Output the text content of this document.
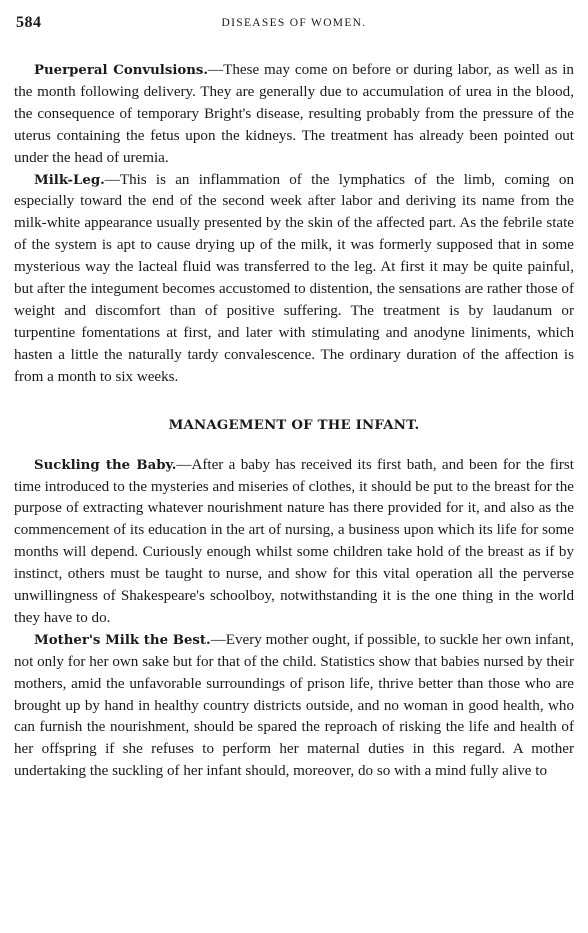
584	DISEASES OF WOMEN.

Puerperal Convulsions.—These may come on before or during labor, as well as in the month following delivery. They are generally due to accumulation of urea in the blood, the consequence of temporary Bright's disease, resulting probably from the pressure of the uterus containing the fetus upon the kidneys. The treatment has already been pointed out under the head of uremia.

Milk-Leg.—This is an inflammation of the lymphatics of the limb, coming on especially toward the end of the second week after labor and deriving its name from the milk-white appearance usually presented by the skin of the affected part. As the febrile state of the system is apt to cause drying up of the milk, it was formerly supposed that in some mysterious way the lacteal fluid was transferred to the leg. At first it may be quite painful, but after the integument becomes accustomed to distention, the sensations are rather those of weight and discomfort than of positive suffering. The treatment is by laudanum or turpentine fomentations at first, and later with stimulating and anodyne liniments, which hasten a little the naturally tardy convalescence. The ordinary duration of the affection is from a month to six weeks.

MANAGEMENT OF THE INFANT.

Suckling the Baby.—After a baby has received its first bath, and been for the first time introduced to the mysteries and miseries of clothes, it should be put to the breast for the purpose of extracting whatever nourishment nature has there provided for it, and also as the commencement of its education in the art of nursing, a business upon which its life for some months will depend. Curiously enough whilst some children take hold of the breast as if by instinct, others must be taught to nurse, and show for this vital operation all the perverse unwillingness of Shakespeare's schoolboy, notwithstanding it is the one thing in the world they have to do.

Mother's Milk the Best.—Every mother ought, if possible, to suckle her own infant, not only for her own sake but for that of the child. Statistics show that babies nursed by their mothers, amid the unfavorable surroundings of prison life, thrive better than those who are brought up by hand in healthy country districts outside, and no woman in good health, who can furnish the nourishment, should be spared the reproach of risking the life and health of her offspring if she refuses to perform her maternal duties in this regard. A mother undertaking the suckling of her infant should, moreover, do so with a mind fully alive to
